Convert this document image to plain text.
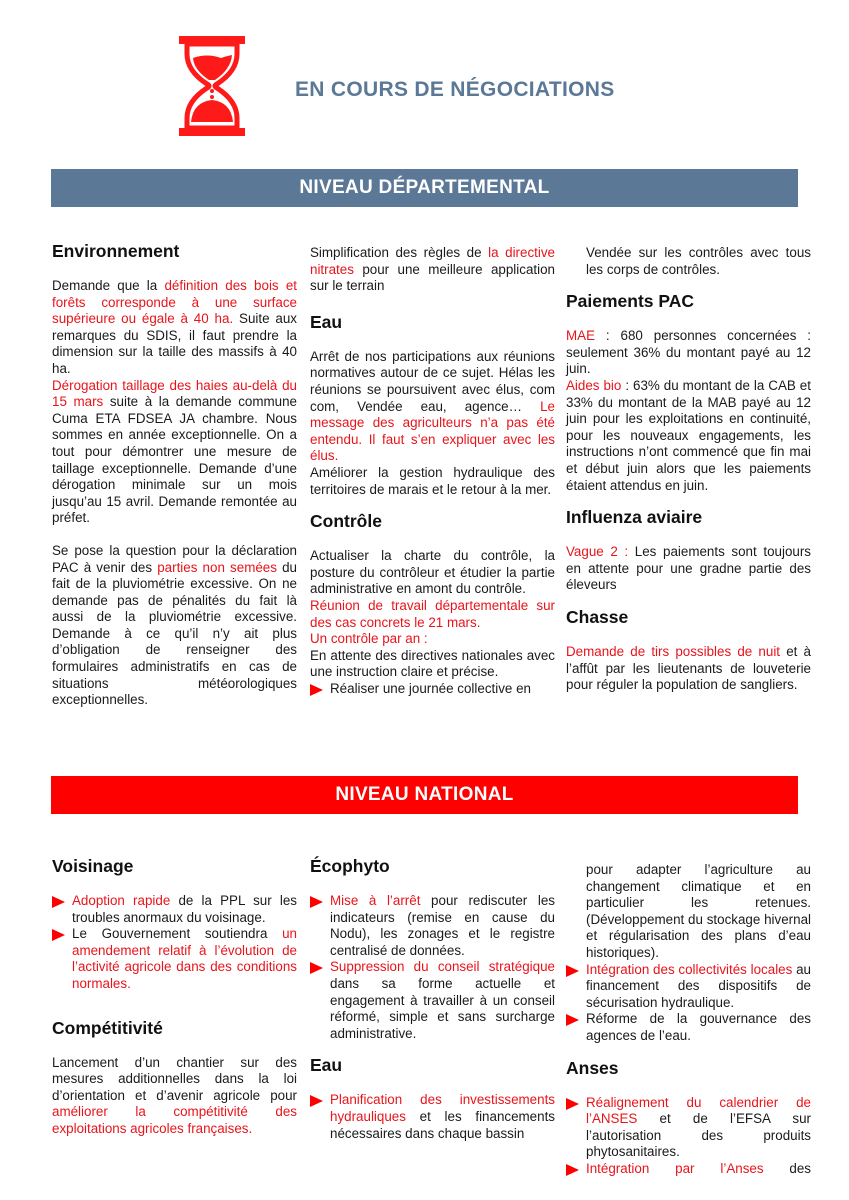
EN COURS DE NÉGOCIATIONS
NIVEAU DÉPARTEMENTAL
Environnement
Demande que la définition des bois et forêts corresponde à une surface supérieure ou égale à 40 ha. Suite aux remarques du SDIS, il faut prendre la dimension sur la taille des massifs à 40 ha.
Dérogation taillage des haies au-delà du 15 mars suite à la demande commune Cuma ETA FDSEA JA chambre. Nous sommes en année exceptionnelle. On a tout pour démontrer une mesure de taillage exceptionnelle. Demande d’une dérogation minimale sur un mois jusqu’au 15 avril. Demande remontée au préfet.
Se pose la question pour la déclaration PAC à venir des parties non semées du fait de la pluviométrie excessive. On ne demande pas de pénalités du fait là aussi de la pluviométrie excessive. Demande à ce qu’il n’y ait plus d’obligation de renseigner des formulaires administratifs en cas de situations météorologiques exceptionnelles.
Simplification des règles de la directive nitrates pour une meilleure application sur le terrain
Eau
Arrêt de nos participations aux réunions normatives autour de ce sujet. Hélas les réunions se poursuivent avec élus, com com, Vendée eau, agence… Le message des agriculteurs n’a pas été entendu. Il faut s’en expliquer avec les élus.
Améliorer la gestion hydraulique des territoires de marais et le retour à la mer.
Contrôle
Actualiser la charte du contrôle, la posture du contrôleur et étudier la partie administrative en amont du contrôle.
Réunion de travail départementale sur des cas concrets le 21 mars.
Un contrôle par an :
En attente des directives nationales avec une instruction claire et précise.
Réaliser une journée collective en
Vendée sur les contrôles avec tous les corps de contrôles.
Paiements PAC
MAE : 680 personnes concernées : seulement 36% du montant payé au 12 juin.
Aides bio : 63% du montant de la CAB et 33% du montant de la MAB payé au 12 juin pour les exploitations en continuité, pour les nouveaux engagements, les instructions n’ont commencé que fin mai et début juin alors que les paiements étaient attendus en juin.
Influenza aviaire
Vague 2 : Les paiements sont toujours en attente pour une gradne partie des éleveurs
Chasse
Demande de tirs possibles de nuit et à l’affût par les lieutenants de louveterie pour réguler la population de sangliers.
NIVEAU NATIONAL
Voisinage
Adoption rapide de la PPL sur les troubles anormaux du voisinage.
Le Gouvernement soutiendra un amendement relatif à l’évolution de l’activité agricole dans des conditions normales.
Compétitivité
Lancement d’un chantier sur des mesures additionnelles dans la loi d’orientation et d’avenir agricole pour améliorer la compétitivité des exploitations agricoles françaises.
Écophyto
Mise à l’arrêt pour rediscuter les indicateurs (remise en cause du Nodu), les zonages et le registre centralisé de données.
Suppression du conseil stratégique dans sa forme actuelle et engagement à travailler à un conseil réformé, simple et sans surcharge administrative.
Eau
Planification des investissements hydrauliques et les financements nécessaires dans chaque bassin
pour adapter l’agriculture au changement climatique et en particulier les retenues. (Développement du stockage hivernal et régularisation des plans d’eau historiques).
Intégration des collectivités locales au financement des dispositifs de sécurisation hydraulique.
Réforme de la gouvernance des agences de l’eau.
Anses
Réalignement du calendrier de l’ANSES et de l’EFSA sur l’autorisation des produits phytosanitaires.
Intégration par l’Anses des
